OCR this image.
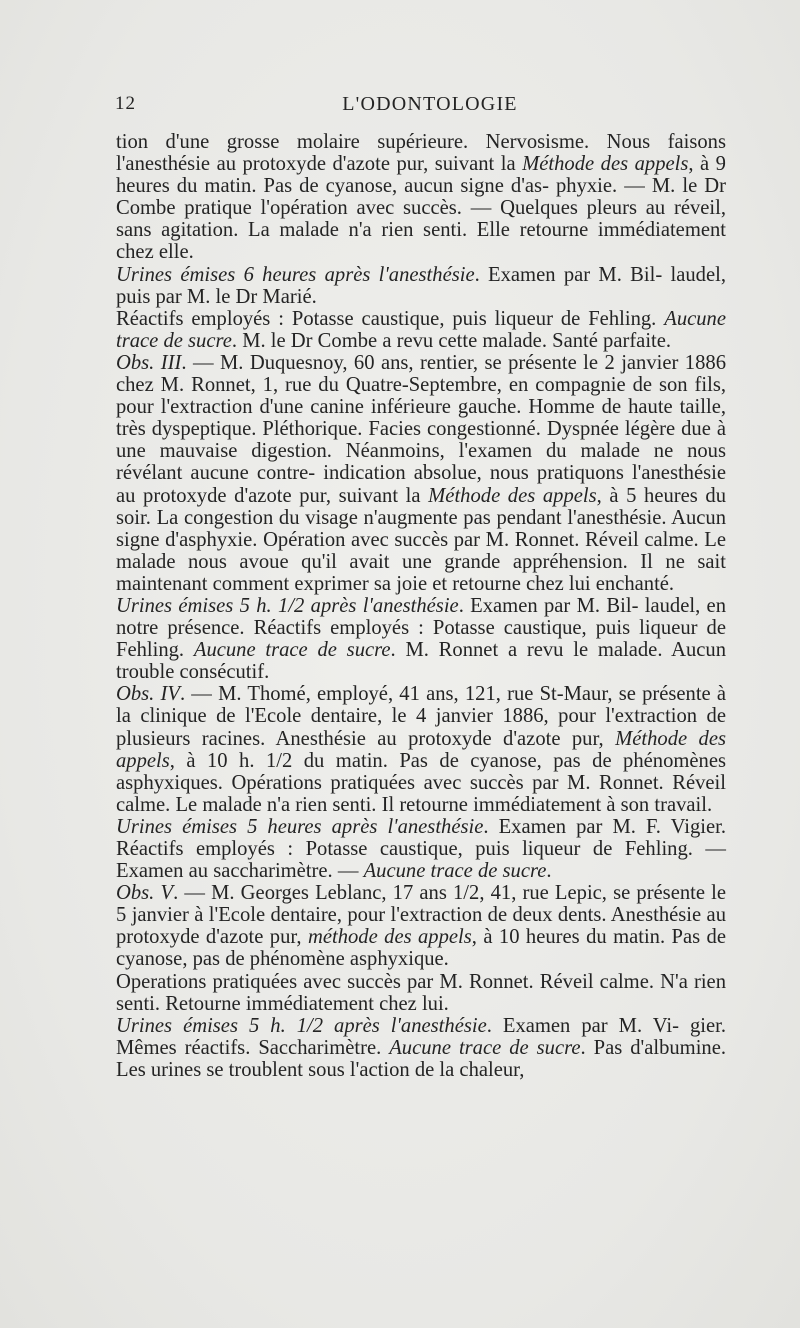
12	L'ODONTOLOGIE

tion d'une grosse molaire supérieure. Nervosisme. Nous faisons l'anesthésie au protoxyde d'azote pur, suivant la Méthode des appels, à 9 heures du matin. Pas de cyanose, aucun signe d'as- phyxie. — M. le Dr Combe pratique l'opération avec succès. — Quelques pleurs au réveil, sans agitation. La malade n'a rien senti. Elle retourne immédiatement chez elle.

Urines émises 6 heures après l'anesthésie. Examen par M. Bil- laudel, puis par M. le Dr Marié.

Réactifs employés : Potasse caustique, puis liqueur de Fehling. Aucune trace de sucre. M. le Dr Combe a revu cette malade. Santé parfaite.

Obs. III. — M. Duquesnoy, 60 ans, rentier, se présente le 2 janvier 1886 chez M. Ronnet, 1, rue du Quatre-Septembre, en compagnie de son fils, pour l'extraction d'une canine inférieure gauche. Homme de haute taille, très dyspeptique. Pléthorique. Facies congestionné. Dyspnée légère due à une mauvaise digestion. Néanmoins, l'examen du malade ne nous révélant aucune contre- indication absolue, nous pratiquons l'anesthésie au protoxyde d'azote pur, suivant la Méthode des appels, à 5 heures du soir. La congestion du visage n'augmente pas pendant l'anesthésie. Aucun signe d'asphyxie. Opération avec succès par M. Ronnet. Réveil calme. Le malade nous avoue qu'il avait une grande appréhension. Il ne sait maintenant comment exprimer sa joie et retourne chez lui enchanté.

Urines émises 5 h. 1/2 après l'anesthésie. Examen par M. Bil- laudel, en notre présence. Réactifs employés : Potasse caustique, puis liqueur de Fehling. Aucune trace de sucre. M. Ronnet a revu le malade. Aucun trouble consécutif.

Obs. IV. — M. Thomé, employé, 41 ans, 121, rue St-Maur, se présente à la clinique de l'Ecole dentaire, le 4 janvier 1886, pour l'extraction de plusieurs racines. Anesthésie au protoxyde d'azote pur, Méthode des appels, à 10 h. 1/2 du matin. Pas de cyanose, pas de phénomènes asphyxiques. Opérations pratiquées avec succès par M. Ronnet. Réveil calme. Le malade n'a rien senti. Il retourne immédiatement à son travail.

Urines émises 5 heures après l'anesthésie. Examen par M. F. Vigier. Réactifs employés : Potasse caustique, puis liqueur de Fehling. — Examen au saccharimètre. — Aucune trace de sucre.

Obs. V. — M. Georges Leblanc, 17 ans 1/2, 41, rue Lepic, se présente le 5 janvier à l'Ecole dentaire, pour l'extraction de deux dents. Anesthésie au protoxyde d'azote pur, méthode des appels, à 10 heures du matin. Pas de cyanose, pas de phénomène asphyxique.

Operations pratiquées avec succès par M. Ronnet. Réveil calme. N'a rien senti. Retourne immédiatement chez lui.

Urines émises 5 h. 1/2 après l'anesthésie. Examen par M. Vi- gier. Mêmes réactifs. Saccharimètre. Aucune trace de sucre. Pas d'albumine. Les urines se troublent sous l'action de la chaleur,
